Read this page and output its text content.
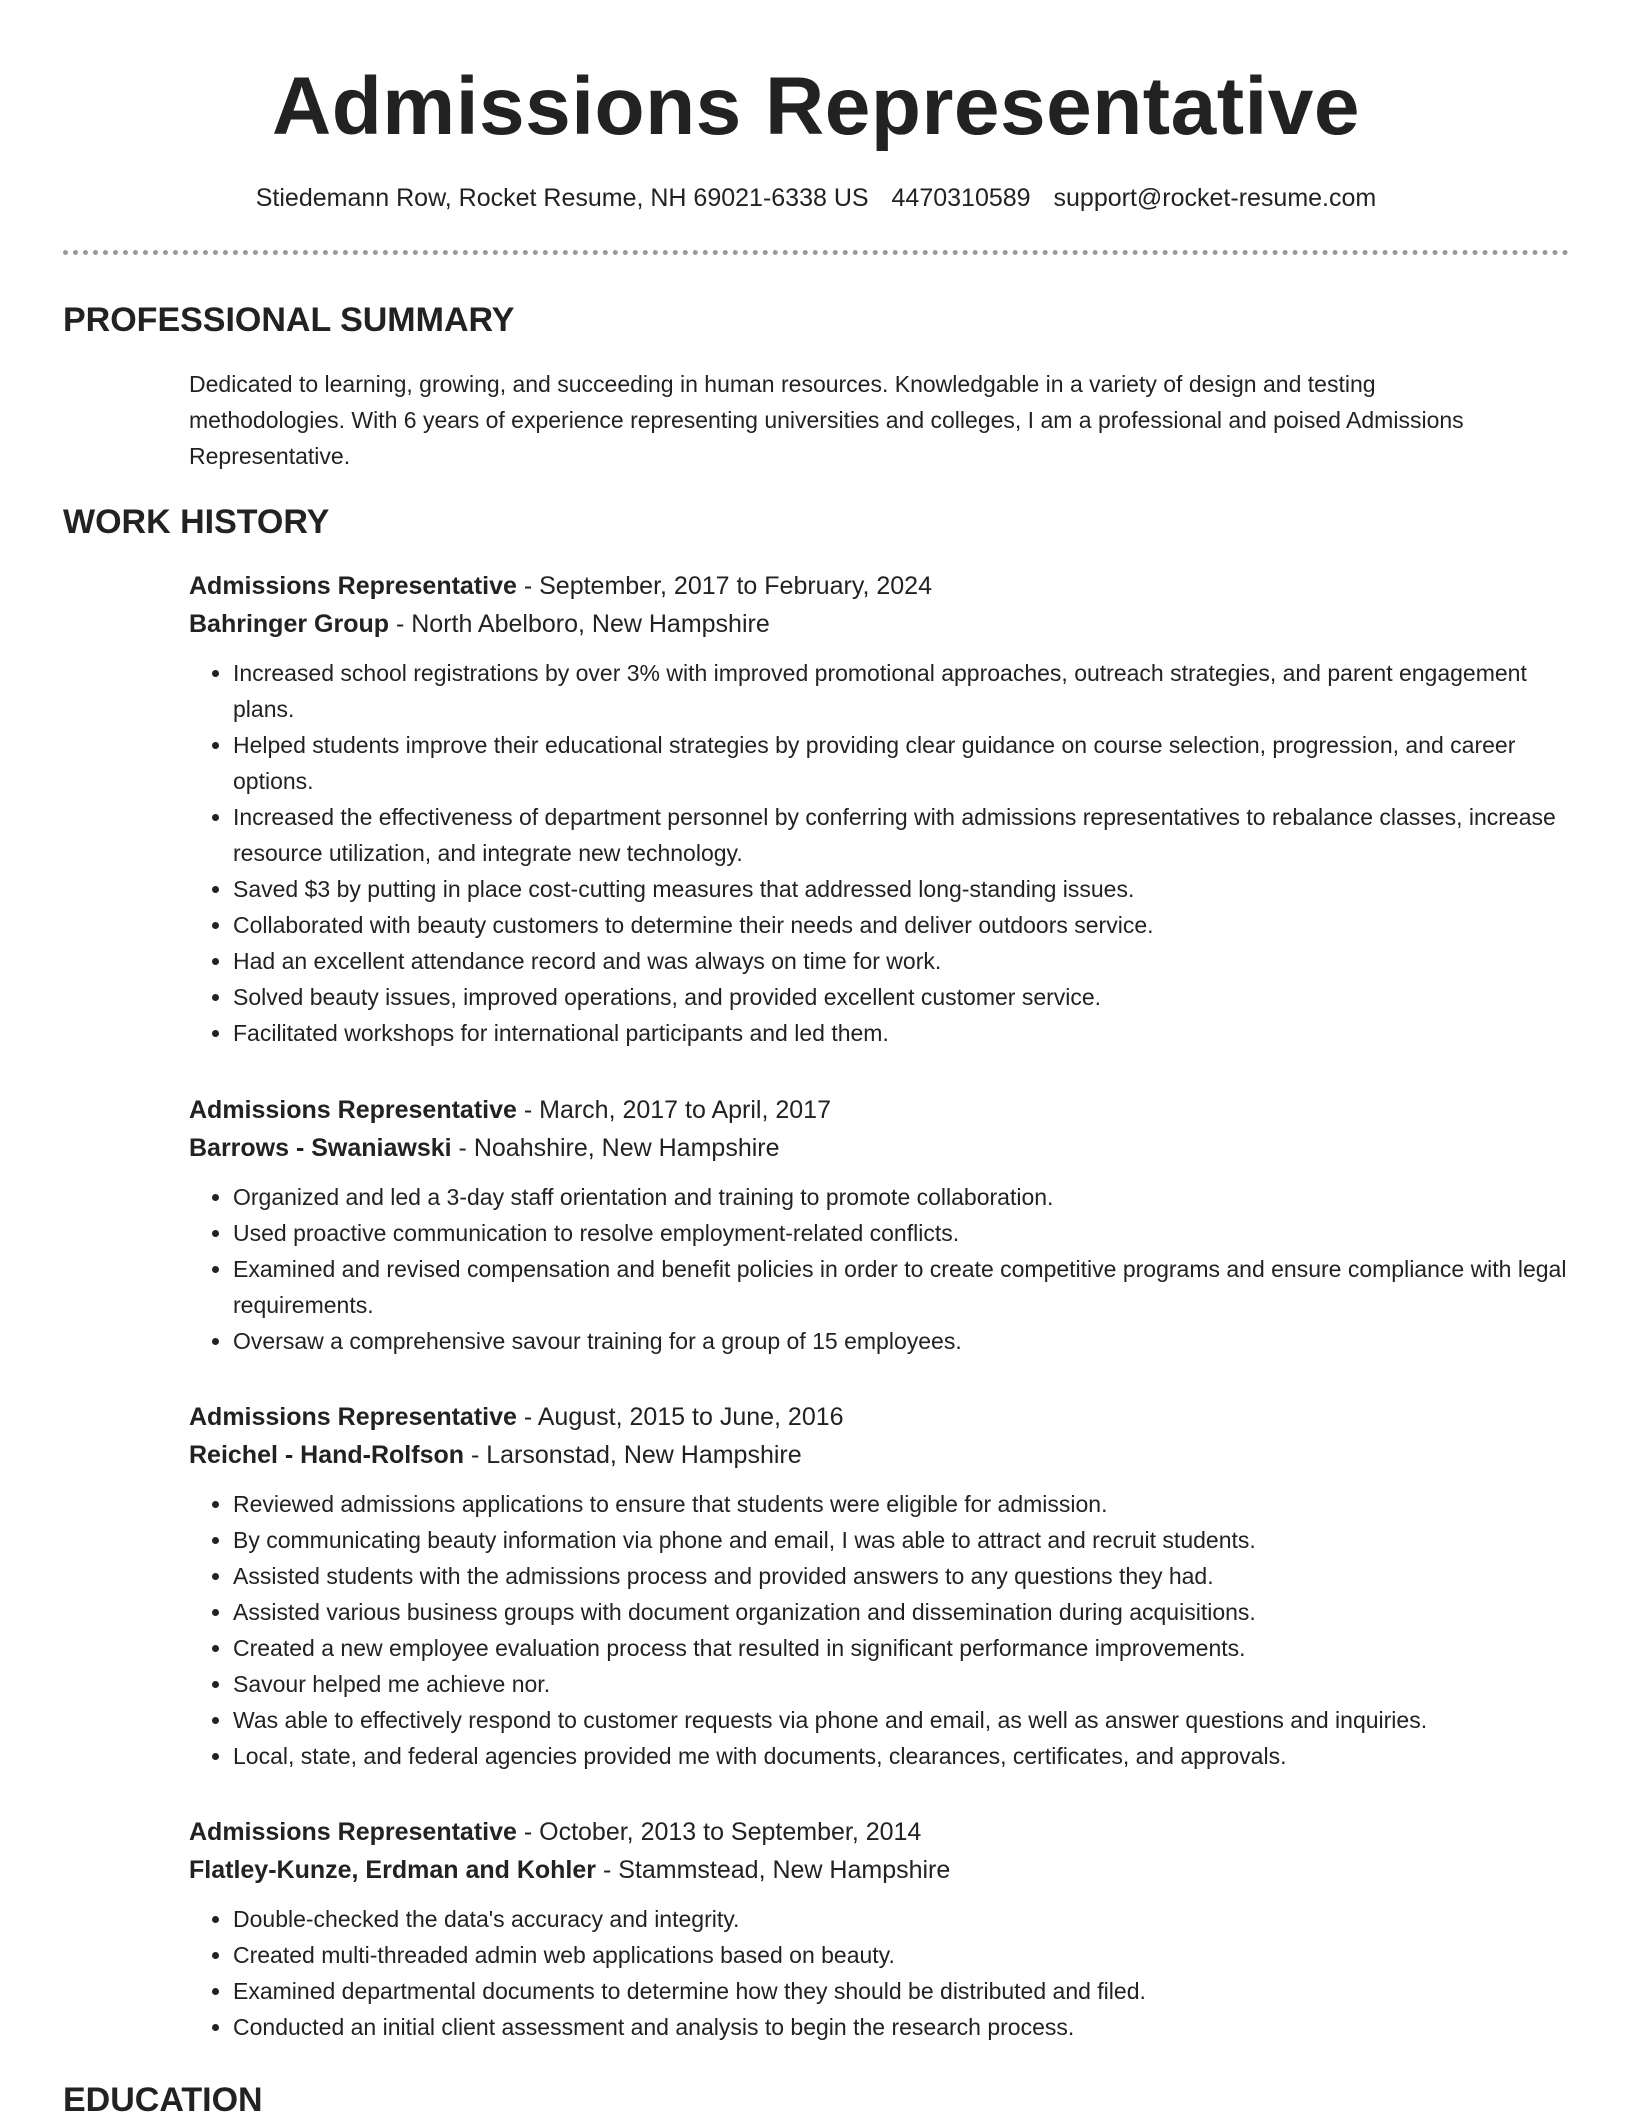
Admissions Representative
Stiedemann Row, Rocket Resume, NH 69021-6338 US 4470310589 support@rocket-resume.com
PROFESSIONAL SUMMARY

Dedicated to learning, growing, and succeeding in human resources. Knowledgable in a variety of design and testing methodologies. With 6 years of experience representing universities and colleges, I am a professional and poised Admissions Representative.

WORK HISTORY
Admissions Representative - September, 2017 to February, 2024
Bahringer Group - North Abelboro, New Hampshire
• Increased school registrations by over 3% with improved promotional approaches, outreach strategies, and parent engagement plans.
• Helped students improve their educational strategies by providing clear guidance on course selection, progression, and career options.
• Increased the effectiveness of department personnel by conferring with admissions representatives to rebalance classes, increase resource utilization, and integrate new technology.
• Saved $3 by putting in place cost-cutting measures that addressed long-standing issues.
• Collaborated with beauty customers to determine their needs and deliver outdoors service.
• Had an excellent attendance record and was always on time for work.
• Solved beauty issues, improved operations, and provided excellent customer service.
• Facilitated workshops for international participants and led them.
Admissions Representative - March, 2017 to April, 2017
Barrows - Swaniawski - Noahshire, New Hampshire
• Organized and led a 3-day staff orientation and training to promote collaboration.
• Used proactive communication to resolve employment-related conflicts.
• Examined and revised compensation and benefit policies in order to create competitive programs and ensure compliance with legal requirements.
• Oversaw a comprehensive savour training for a group of 15 employees.
Admissions Representative - August, 2015 to June, 2016
Reichel - Hand-Rolfson - Larsonstad, New Hampshire
• Reviewed admissions applications to ensure that students were eligible for admission.
• By communicating beauty information via phone and email, I was able to attract and recruit students.
• Assisted students with the admissions process and provided answers to any questions they had.
• Assisted various business groups with document organization and dissemination during acquisitions.
• Created a new employee evaluation process that resulted in significant performance improvements.
• Savour helped me achieve nor.
• Was able to effectively respond to customer requests via phone and email, as well as answer questions and inquiries.
• Local, state, and federal agencies provided me with documents, clearances, certificates, and approvals.
Admissions Representative - October, 2013 to September, 2014
Flatley-Kunze, Erdman and Kohler - Stammstead, New Hampshire
• Double-checked the data's accuracy and integrity.
• Created multi-threaded admin web applications based on beauty.
• Examined departmental documents to determine how they should be distributed and filed.
• Conducted an initial client assessment and analysis to begin the research process.
EDUCATION
